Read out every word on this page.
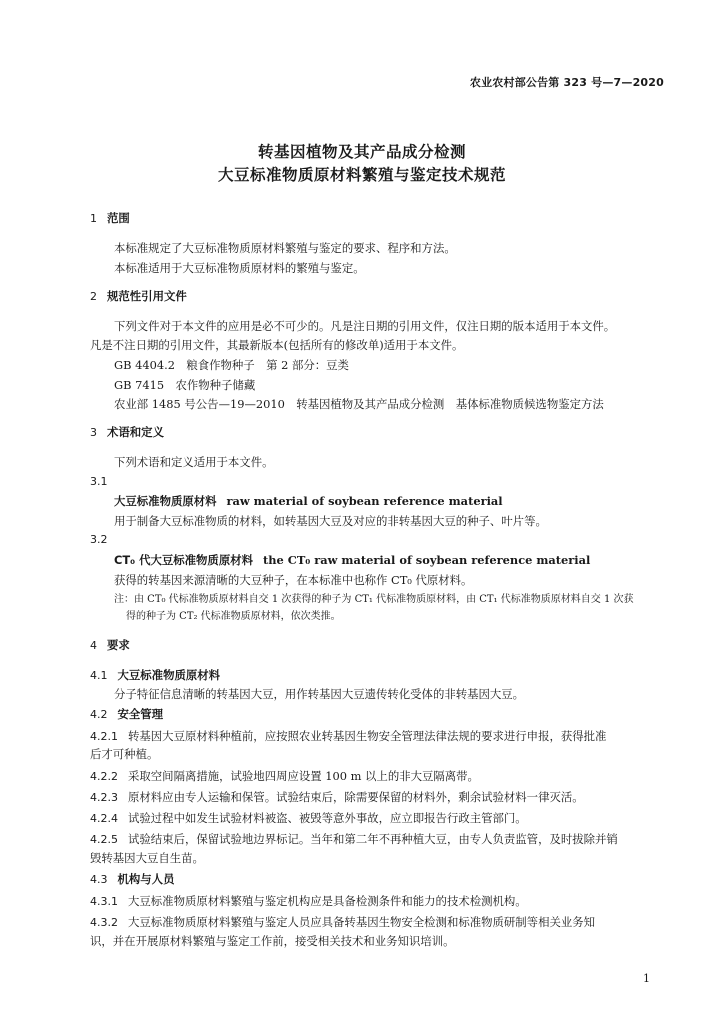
农业农村部公告第 323 号—7—2020
转基因植物及其产品成分检测
大豆标准物质原材料繁殖与鉴定技术规范
1 范围
本标准规定了大豆标准物质原材料繁殖与鉴定的要求、程序和方法。
本标准适用于大豆标准物质原材料的繁殖与鉴定。
2 规范性引用文件
下列文件对于本文件的应用是必不可少的。凡是注日期的引用文件，仅注日期的版本适用于本文件。
凡是不注日期的引用文件，其最新版本(包括所有的修改单)适用于本文件。
GB 4404.2　粮食作物种子　第 2 部分：豆类
GB 7415　农作物种子储藏
农业部 1485 号公告—19—2010　转基因植物及其产品成分检测　基体标准物质候选物鉴定方法
3 术语和定义
下列术语和定义适用于本文件。
3.1
大豆标准物质原材料 raw material of soybean reference material
用于制备大豆标准物质的材料，如转基因大豆及对应的非转基因大豆的种子、叶片等。
3.2
CT₀ 代大豆标准物质原材料 the CT₀ raw material of soybean reference material
获得的转基因来源清晰的大豆种子，在本标准中也称作 CT₀ 代原材料。
注：由 CT₀ 代标准物质原材料自交 1 次获得的种子为 CT₁ 代标准物质原材料，由 CT₁ 代标准物质原材料自交 1 次获
得的种子为 CT₂ 代标准物质原材料，依次类推。
4 要求
4.1 大豆标准物质原材料
分子特征信息清晰的转基因大豆，用作转基因大豆遗传转化受体的非转基因大豆。
4.2 安全管理
4.2.1 转基因大豆原材料种植前，应按照农业转基因生物安全管理法律法规的要求进行申报，获得批准
后才可种植。
4.2.2 采取空间隔离措施，试验地四周应设置 100 m 以上的非大豆隔离带。
4.2.3 原材料应由专人运输和保管。试验结束后，除需要保留的材料外，剩余试验材料一律灭活。
4.2.4 试验过程中如发生试验材料被盗、被毁等意外事故，应立即报告行政主管部门。
4.2.5 试验结束后，保留试验地边界标记。当年和第二年不再种植大豆，由专人负责监管，及时拔除并销
毁转基因大豆自生苗。
4.3 机构与人员
4.3.1 大豆标准物质原材料繁殖与鉴定机构应是具备检测条件和能力的技术检测机构。
4.3.2 大豆标准物质原材料繁殖与鉴定人员应具备转基因生物安全检测和标准物质研制等相关业务知
识，并在开展原材料繁殖与鉴定工作前，接受相关技术和业务知识培训。
1
